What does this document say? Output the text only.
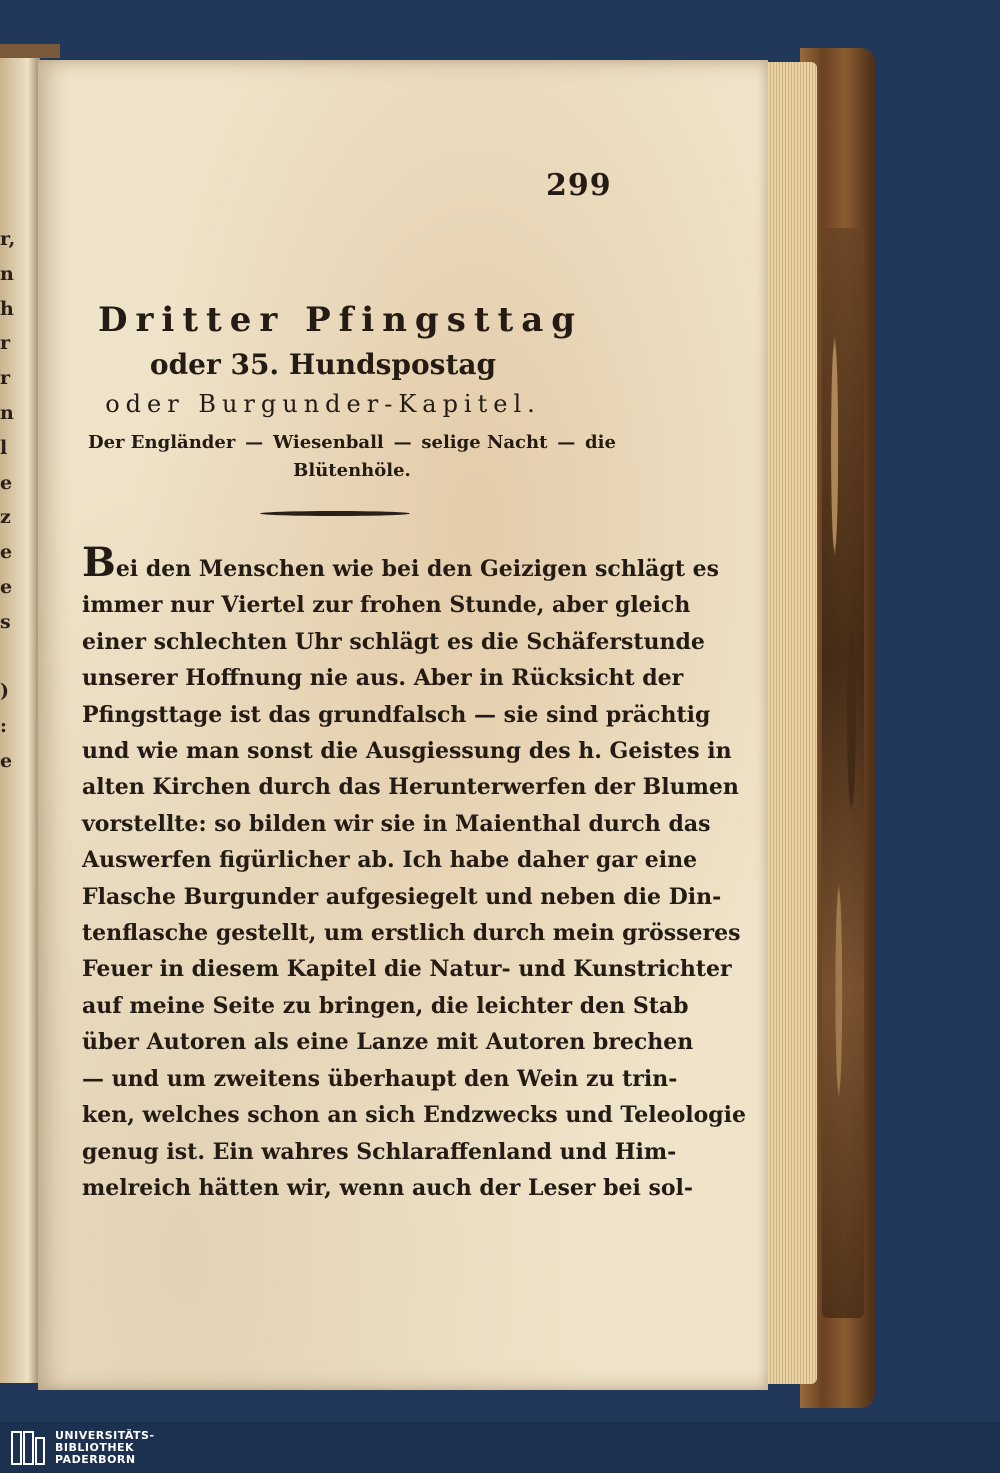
r,
n
h
r
r
n
l
e
z
e
e
s

)
:
e
299
Dritter Pfingsttag
oder 35. Hundspostag
oder Burgunder-Kapitel.
Der Engländer — Wiesenball — selige Nacht — die
Blütenhöle.
Bei den Menschen wie bei den Geizigen schlägt es
immer nur Viertel zur frohen Stunde, aber gleich
einer schlechten Uhr schlägt es die Schäferstunde
unserer Hoffnung nie aus. Aber in Rücksicht der
Pfingsttage ist das grundfalsch — sie sind prächtig
und wie man sonst die Ausgiessung des h. Geistes in
alten Kirchen durch das Herunterwerfen der Blumen
vorstellte: so bilden wir sie in Maienthal durch das
Auswerfen figürlicher ab. Ich habe daher gar eine
Flasche Burgunder aufgesiegelt und neben die Din-
tenflasche gestellt, um erstlich durch mein grösseres
Feuer in diesem Kapitel die Natur- und Kunstrichter
auf meine Seite zu bringen, die leichter den Stab
über Autoren als eine Lanze mit Autoren brechen
— und um zweitens überhaupt den Wein zu trin-
ken, welches schon an sich Endzwecks und Teleologie
genug ist. Ein wahres Schlaraffenland und Him-
melreich hätten wir, wenn auch der Leser bei sol-
UNIVERSITÄTS-
BIBLIOTHEK
PADERBORN
